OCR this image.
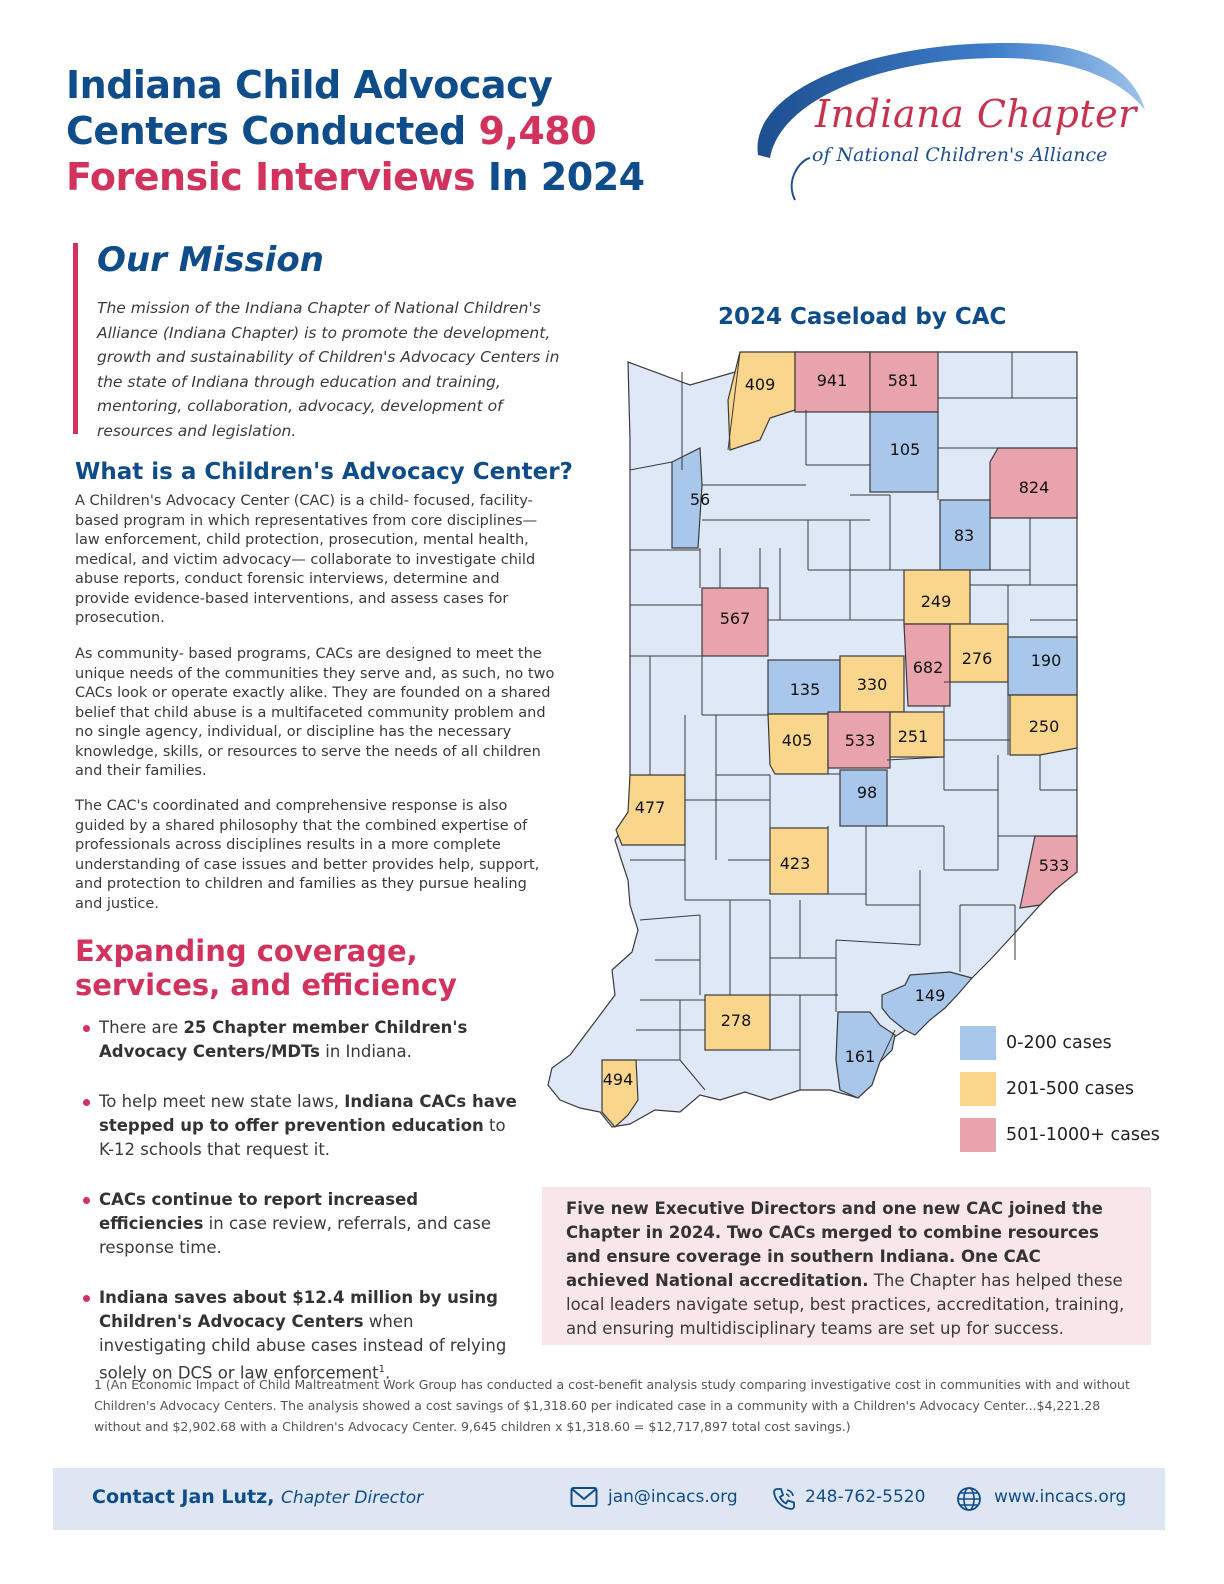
Indiana Child Advocacy
Centers Conducted 9,480
Forensic Interviews In 2024
Indiana Chapter
of National Children's Alliance
Our Mission
The mission of the Indiana Chapter of National Children's Alliance (Indiana Chapter) is to promote the development, growth and sustainability of Children's Advocacy Centers in the state of Indiana through education and training, mentoring, collaboration, advocacy, development of resources and legislation.
What is a Children's Advocacy Center?
A Children's Advocacy Center (CAC) is a child- focused, facility-based program in which representatives from core disciplines—law enforcement, child protection, prosecution, mental health, medical, and victim advocacy— collaborate to investigate child abuse reports, conduct forensic interviews, determine and provide evidence-based interventions, and assess cases for prosecution.
As community- based programs, CACs are designed to meet the unique needs of the communities they serve and, as such, no two CACs look or operate exactly alike. They are founded on a shared belief that child abuse is a multifaceted community problem and no single agency, individual, or discipline has the necessary knowledge, skills, or resources to serve the needs of all children and their families.
The CAC's coordinated and comprehensive response is also guided by a shared philosophy that the combined expertise of professionals across disciplines results in a more complete understanding of case issues and better provides help, support, and protection to children and families as they pursue healing and justice.
Expanding coverage, services, and efficiency
There are 25 Chapter member Children's Advocacy Centers/MDTs in Indiana.
To help meet new state laws, Indiana CACs have stepped up to offer prevention education to K-12 schools that request it.
CACs continue to report increased efficiencies in case review, referrals, and case response time.
Indiana saves about $12.4 million by using Children's Advocacy Centers when investigating child abuse cases instead of relying solely on DCS or law enforcement$^1$.
2024 Caseload by CAC
409	941	581
105
824
56
83
249
567
682 276 190
135 330
405 533 251
250
98
477
423	533
149
278
161
494
0-200 cases
201-500 cases
501-1000+ cases
Five new Executive Directors and one new CAC joined the Chapter in 2024. Two CACs merged to combine resources and ensure coverage in southern Indiana. One CAC achieved National accreditation. The Chapter has helped these local leaders navigate setup, best practices, accreditation, training, and ensuring multidisciplinary teams are set up for success.
1 (An Economic Impact of Child Maltreatment Work Group has conducted a cost-benefit analysis study comparing investigative cost in communities with and without Children's Advocacy Centers. The analysis showed a cost savings of $1,318.60 per indicated case in a community with a Children's Advocacy Center...$4,221.28 without and $2,902.68 with a Children's Advocacy Center. 9,645 children x $1,318.60 = $12,717,897 total cost savings.)
Contact Jan Lutz, Chapter Director	jan@incacs.org	248-762-5520	www.incacs.org
